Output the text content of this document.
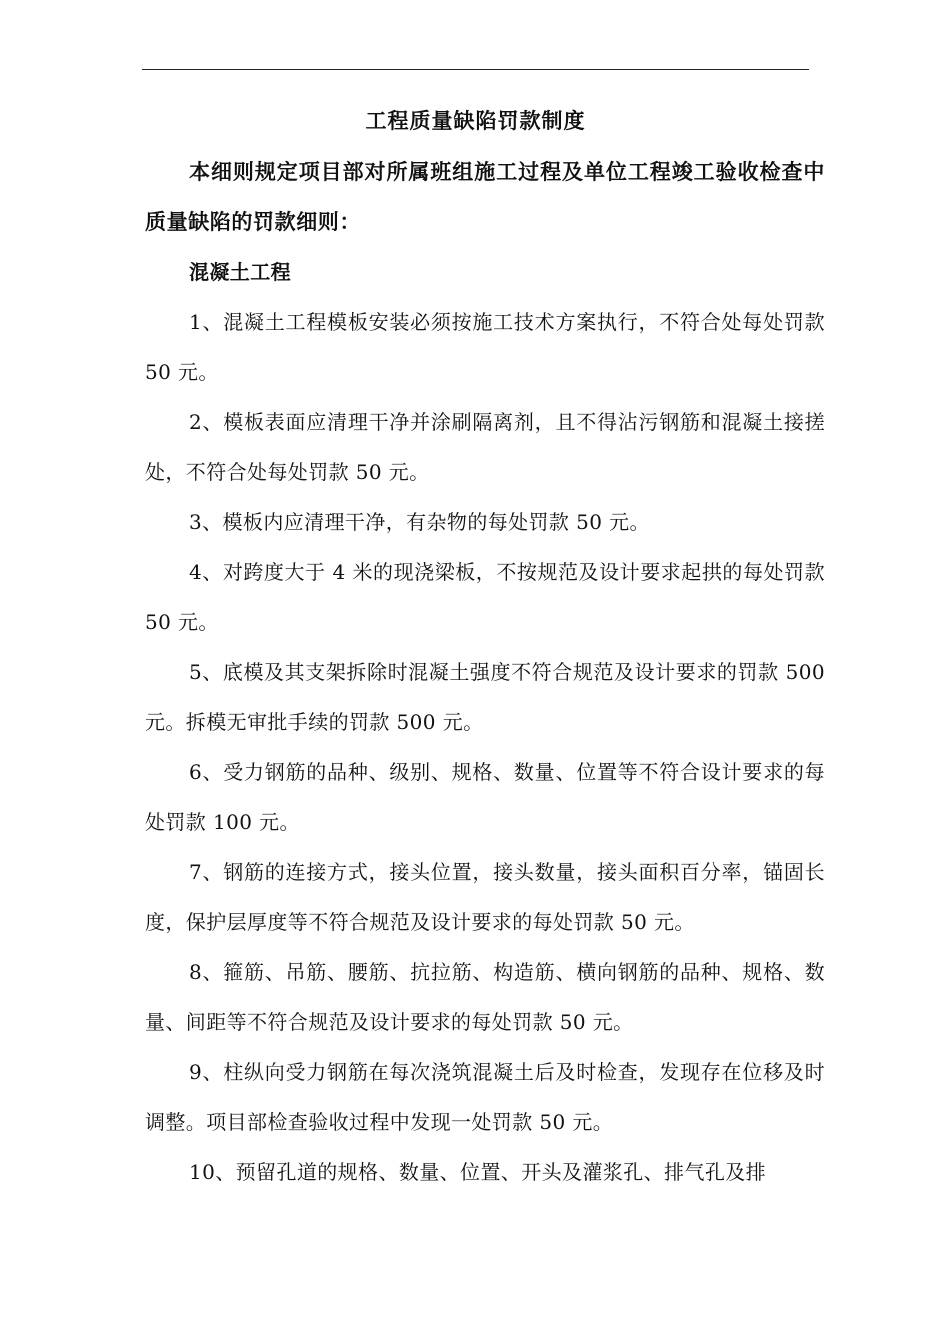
工程质量缺陷罚款制度

本细则规定项目部对所属班组施工过程及单位工程竣工验收检查中质量缺陷的罚款细则：

混凝土工程

1、混凝土工程模板安装必须按施工技术方案执行，不符合处每处罚款 50 元。

2、模板表面应清理干净并涂刷隔离剂，且不得沾污钢筋和混凝土接搓处，不符合处每处罚款 50 元。

3、模板内应清理干净，有杂物的每处罚款 50 元。

4、对跨度大于 4 米的现浇梁板，不按规范及设计要求起拱的每处罚款 50 元。

5、底模及其支架拆除时混凝土强度不符合规范及设计要求的罚款 500 元。拆模无审批手续的罚款 500 元。

6、受力钢筋的品种、级别、规格、数量、位置等不符合设计要求的每处罚款 100 元。

7、钢筋的连接方式，接头位置，接头数量，接头面积百分率，锚固长度，保护层厚度等不符合规范及设计要求的每处罚款 50 元。

8、箍筋、吊筋、腰筋、抗拉筋、构造筋、横向钢筋的品种、规格、数量、间距等不符合规范及设计要求的每处罚款 50 元。

9、柱纵向受力钢筋在每次浇筑混凝土后及时检查，发现存在位移及时调整。项目部检查验收过程中发现一处罚款 50 元。

10、预留孔道的规格、数量、位置、开头及灌浆孔、排气孔及排
